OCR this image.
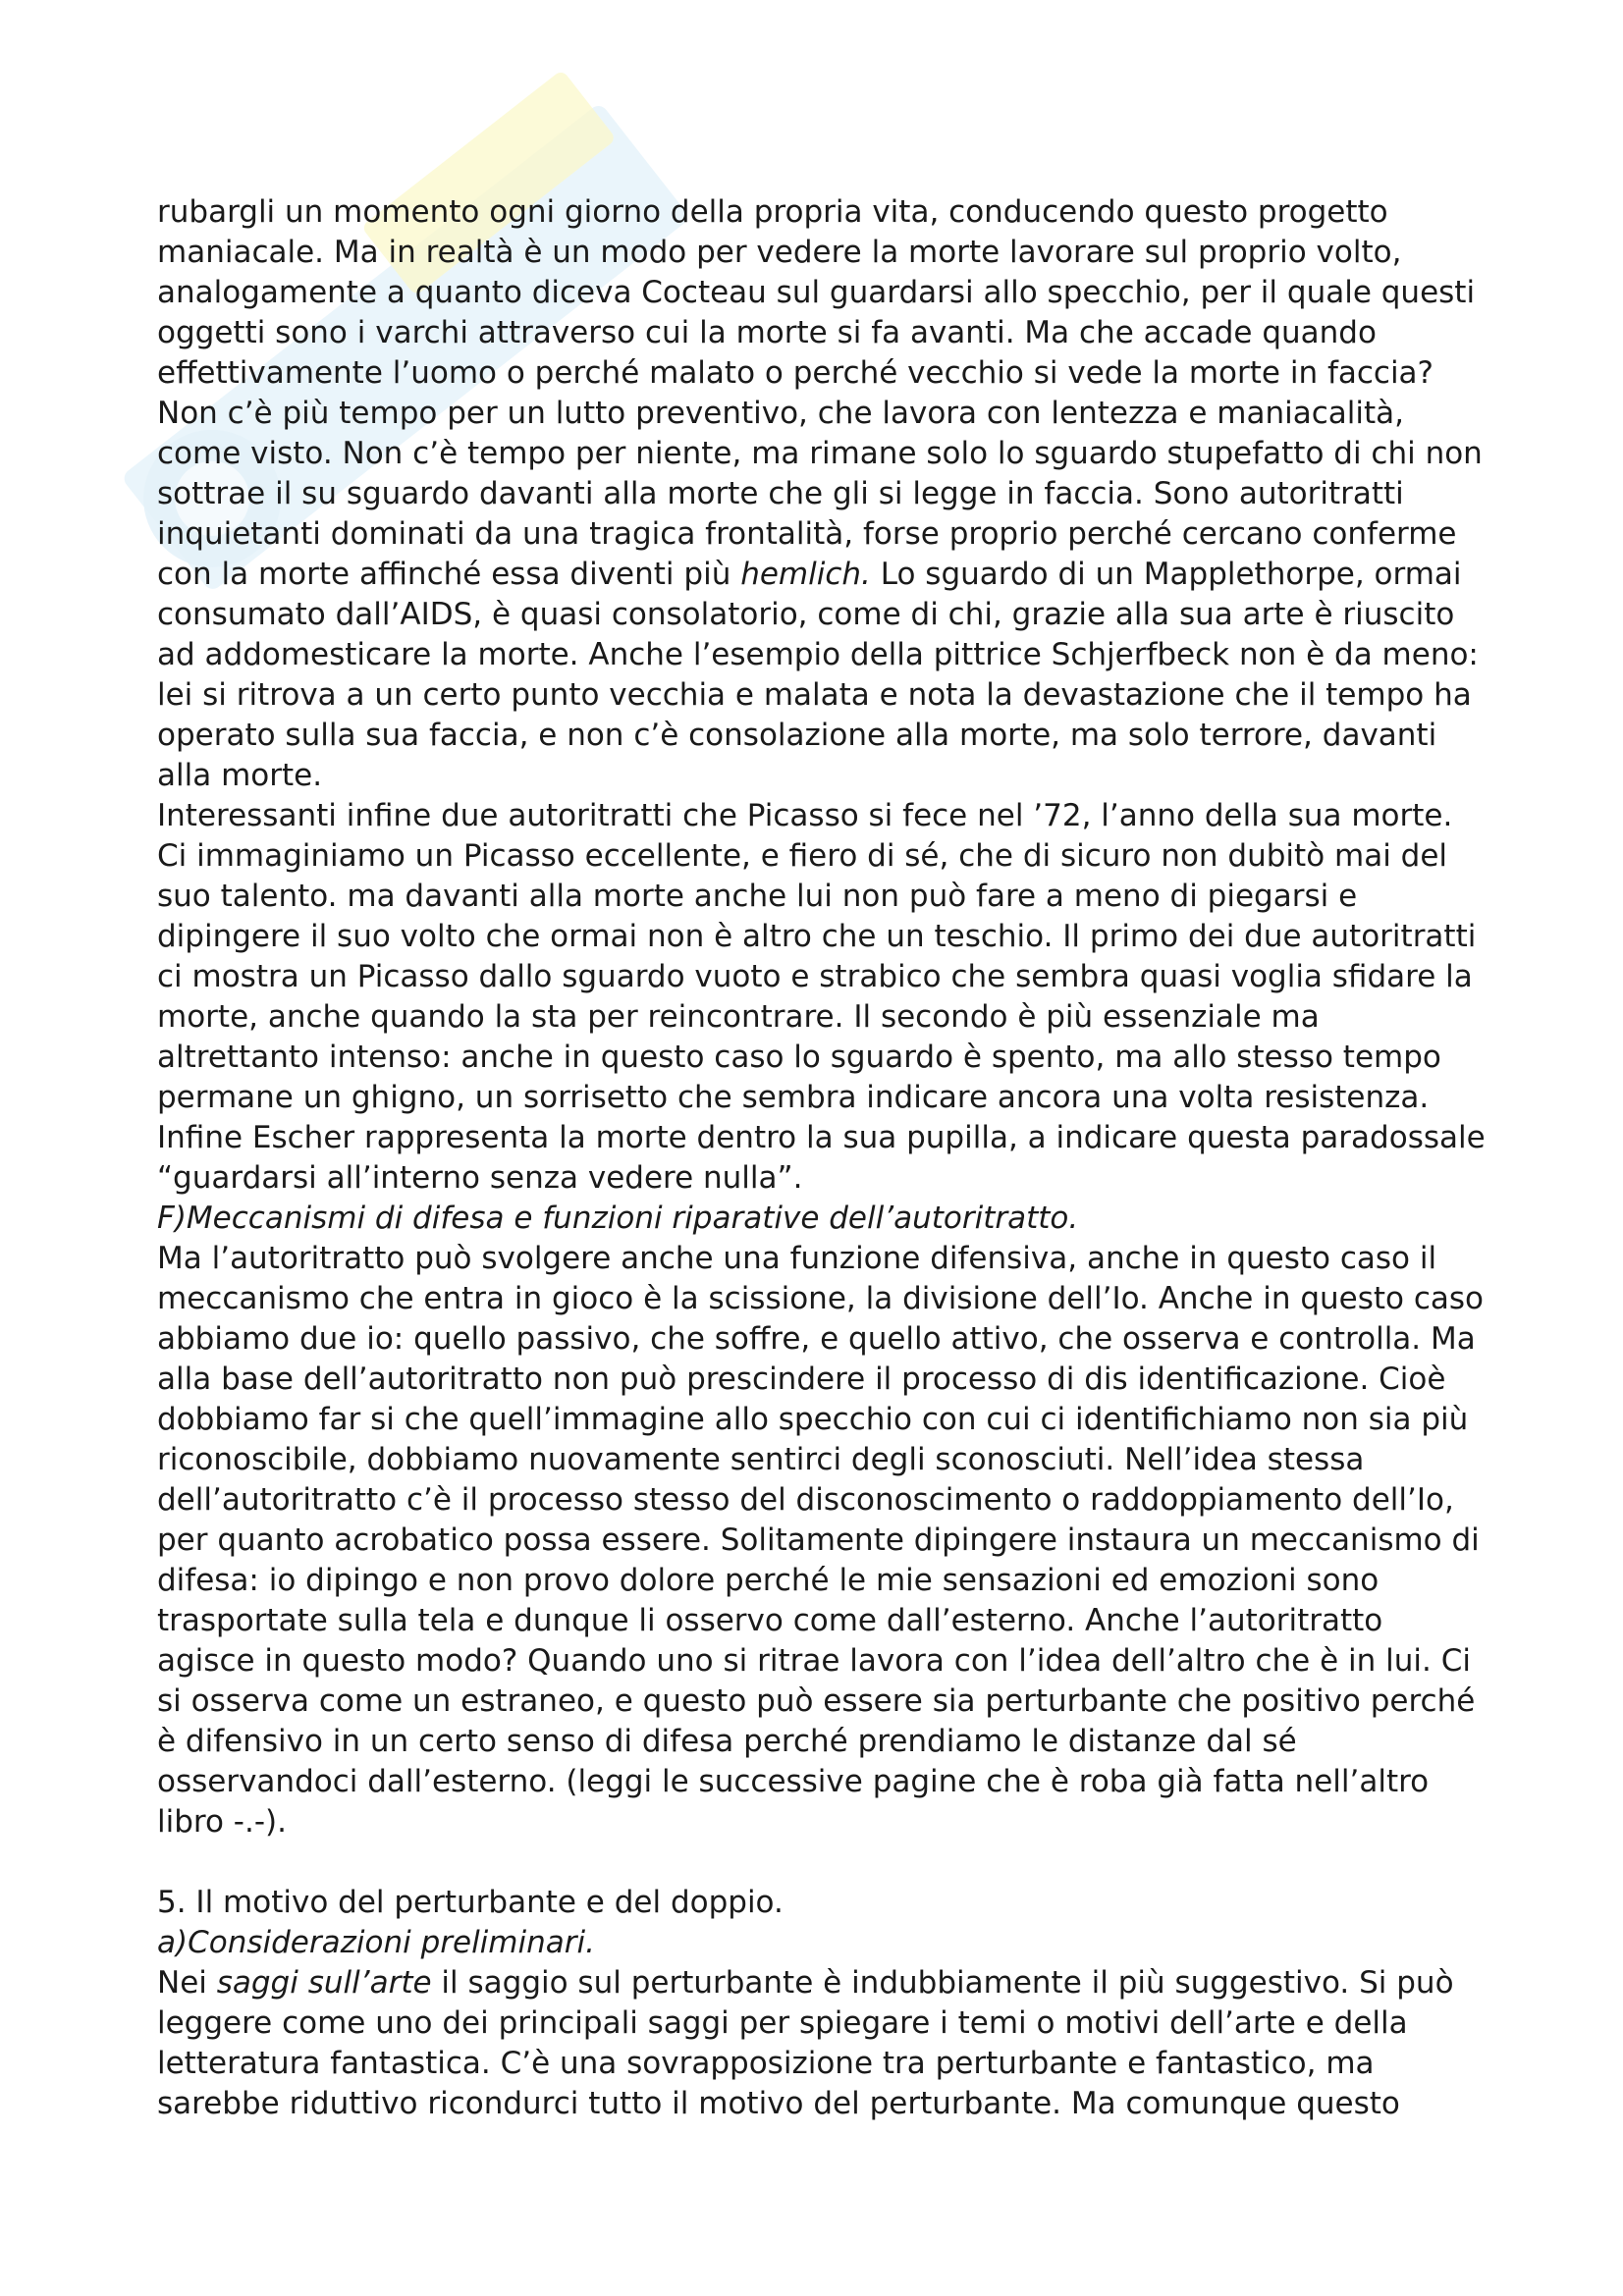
rubargli un momento ogni giorno della propria vita, conducendo questo progetto
maniacale. Ma in realtà è un modo per vedere la morte lavorare sul proprio volto,
analogamente a quanto diceva Cocteau sul guardarsi allo specchio, per il quale questi
oggetti sono i varchi attraverso cui la morte si fa avanti. Ma che accade quando
effettivamente l’uomo o perché malato o perché vecchio si vede la morte in faccia?
Non c’è più tempo per un lutto preventivo, che lavora con lentezza e maniacalità,
come visto. Non c’è tempo per niente, ma rimane solo lo sguardo stupefatto di chi non
sottrae il su sguardo davanti alla morte che gli si legge in faccia. Sono autoritratti
inquietanti dominati da una tragica frontalità, forse proprio perché cercano conferme
con la morte affinché essa diventi più hemlich. Lo sguardo di un Mapplethorpe, ormai
consumato dall’AIDS, è quasi consolatorio, come di chi, grazie alla sua arte è riuscito
ad addomesticare la morte. Anche l’esempio della pittrice Schjerfbeck non è da meno:
lei si ritrova a un certo punto vecchia e malata e nota la devastazione che il tempo ha
operato sulla sua faccia, e non c’è consolazione alla morte, ma solo terrore, davanti
alla morte.

Interessanti infine due autoritratti che Picasso si fece nel ’72, l’anno della sua morte.
Ci immaginiamo un Picasso eccellente, e fiero di sé, che di sicuro non dubitò mai del
suo talento. ma davanti alla morte anche lui non può fare a meno di piegarsi e
dipingere il suo volto che ormai non è altro che un teschio. Il primo dei due autoritratti
ci mostra un Picasso dallo sguardo vuoto e strabico che sembra quasi voglia sfidare la
morte, anche quando la sta per reincontrare. Il secondo è più essenziale ma
altrettanto intenso: anche in questo caso lo sguardo è spento, ma allo stesso tempo
permane un ghigno, un sorrisetto che sembra indicare ancora una volta resistenza.
Infine Escher rappresenta la morte dentro la sua pupilla, a indicare questa paradossale
“guardarsi all’interno senza vedere nulla”.

F)Meccanismi di difesa e funzioni riparative dell’autoritratto.

Ma l’autoritratto può svolgere anche una funzione difensiva, anche in questo caso il
meccanismo che entra in gioco è la scissione, la divisione dell’Io. Anche in questo caso
abbiamo due io: quello passivo, che soffre, e quello attivo, che osserva e controlla. Ma
alla base dell’autoritratto non può prescindere il processo di dis identificazione. Cioè
dobbiamo far si che quell’immagine allo specchio con cui ci identifichiamo non sia più
riconoscibile, dobbiamo nuovamente sentirci degli sconosciuti. Nell’idea stessa
dell’autoritratto c’è il processo stesso del disconoscimento o raddoppiamento dell’Io,
per quanto acrobatico possa essere. Solitamente dipingere instaura un meccanismo di
difesa: io dipingo e non provo dolore perché le mie sensazioni ed emozioni sono
trasportate sulla tela e dunque li osservo come dall’esterno. Anche l’autoritratto
agisce in questo modo? Quando uno si ritrae lavora con l’idea dell’altro che è in lui. Ci
si osserva come un estraneo, e questo può essere sia perturbante che positivo perché
è difensivo in un certo senso di difesa perché prendiamo le distanze dal sé
osservandoci dall’esterno. (leggi le successive pagine che è roba già fatta nell’altro
libro -.-).

5. Il motivo del perturbante e del doppio.

a)Considerazioni preliminari.

Nei saggi sull’arte il saggio sul perturbante è indubbiamente il più suggestivo. Si può
leggere come uno dei principali saggi per spiegare i temi o motivi dell’arte e della
letteratura fantastica. C’è una sovrapposizione tra perturbante e fantastico, ma
sarebbe riduttivo ricondurci tutto il motivo del perturbante. Ma comunque questo
